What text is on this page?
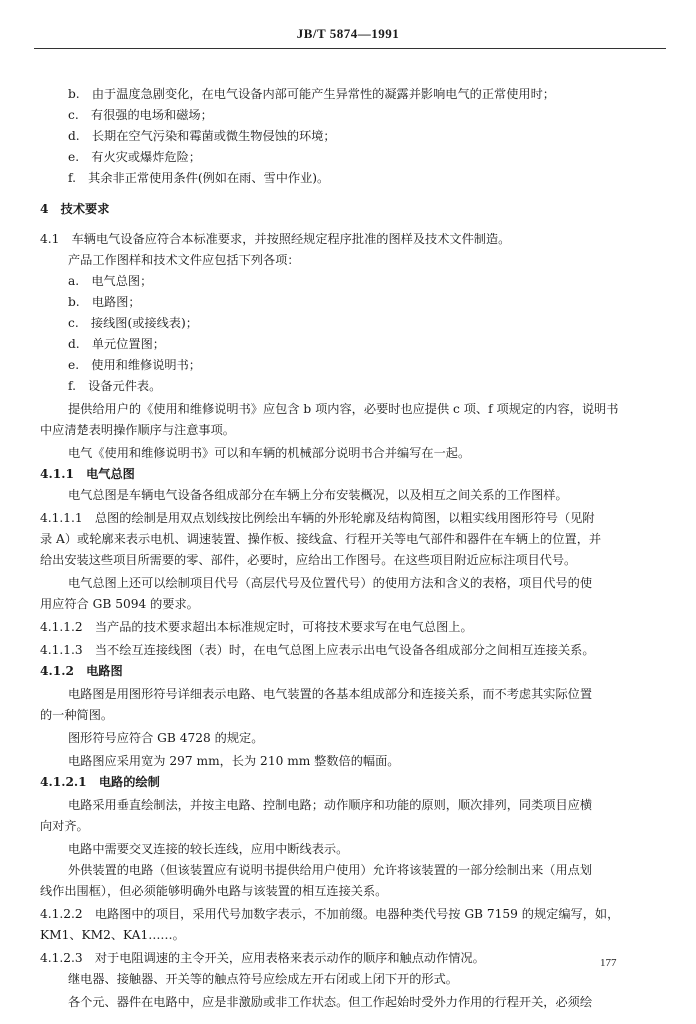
JB/T 5874—1991
b.　由于温度急剧变化，在电气设备内部可能产生异常性的凝露并影响电气的正常使用时；
c.　有很强的电场和磁场；
d.　长期在空气污染和霉菌或微生物侵蚀的环境；
e.　有火灾或爆炸危险；
f.　其余非正常使用条件(例如在雨、雪中作业)。
4　技术要求
4.1　车辆电气设备应符合本标准要求，并按照经规定程序批准的图样及技术文件制造。
产品工作图样和技术文件应包括下列各项：
a.　电气总图；
b.　电路图；
c.　接线图(或接线表)；
d.　单元位置图；
e.　使用和维修说明书；
f.　设备元件表。
提供给用户的《使用和维修说明书》应包含 b 项内容，必要时也应提供 c 项、f 项规定的内容，说明书
中应清楚表明操作顺序与注意事项。
电气《使用和维修说明书》可以和车辆的机械部分说明书合并编写在一起。
4.1.1　电气总图
电气总图是车辆电气设备各组成部分在车辆上分布安装概况，以及相互之间关系的工作图样。
4.1.1.1　总图的绘制是用双点划线按比例绘出车辆的外形轮廓及结构简图，以粗实线用图形符号（见附
录 A）或轮廓来表示电机、调速装置、操作板、接线盒、行程开关等电气部件和器件在车辆上的位置，并
给出安装这些项目所需要的零、部件，必要时，应给出工作图号。在这些项目附近应标注项目代号。
电气总图上还可以绘制项目代号（高层代号及位置代号）的使用方法和含义的表格，项目代号的使
用应符合 GB 5094 的要求。
4.1.1.2　当产品的技术要求超出本标准规定时，可将技术要求写在电气总图上。
4.1.1.3　当不绘互连接线图（表）时，在电气总图上应表示出电气设备各组成部分之间相互连接关系。
4.1.2　电路图
电路图是用图形符号详细表示电路、电气装置的各基本组成部分和连接关系，而不考虑其实际位置
的一种简图。
图形符号应符合 GB 4728 的规定。
电路图应采用宽为 297 mm，长为 210 mm 整数倍的幅面。
4.1.2.1　电路的绘制
电路采用垂直绘制法，并按主电路、控制电路；动作顺序和功能的原则，顺次排列，同类项目应横
向对齐。
电路中需要交叉连接的较长连线，应用中断线表示。
外供装置的电路（但该装置应有说明书提供给用户使用）允许将该装置的一部分绘制出来（用点划
线作出围框），但必须能够明确外电路与该装置的相互连接关系。
4.1.2.2　电路图中的项目，采用代号加数字表示，不加前缀。电器种类代号按 GB 7159 的规定编写，如，
KM1、KM2、KA1……。
4.1.2.3　对于电阻调速的主令开关，应用表格来表示动作的顺序和触点动作情况。
继电器、接触器、开关等的触点符号应绘成左开右闭或上闭下开的形式。
各个元、器件在电路中，应是非激励或非工作状态。但工作起始时受外力作用的行程开关，必须绘
177
